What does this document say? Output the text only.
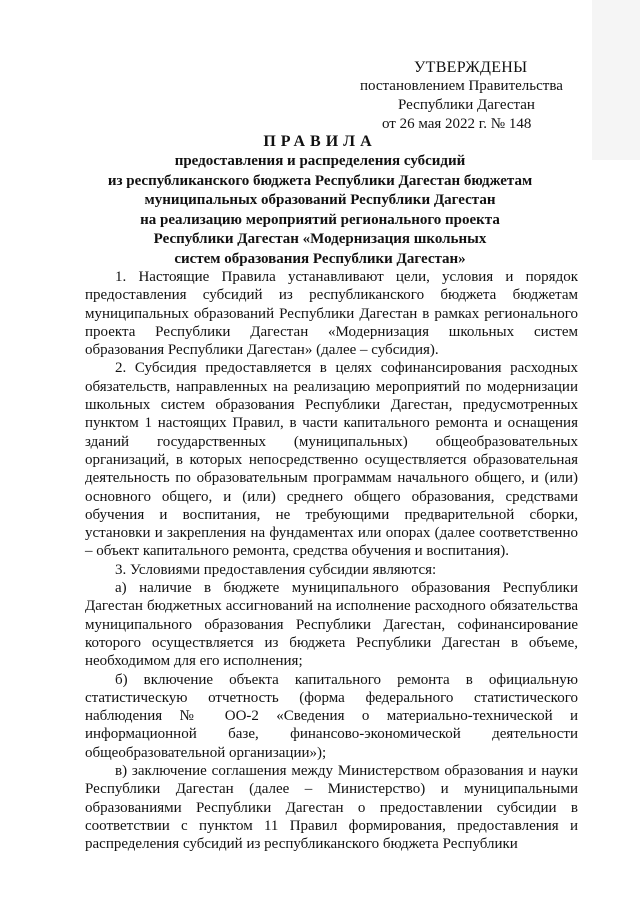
УТВЕРЖДЕНЫ
постановлением Правительства
Республики Дагестан
от 26 мая 2022 г. № 148
ПРАВИЛА
предоставления и распределения субсидий
из республиканского бюджета Республики Дагестан бюджетам
муниципальных образований Республики Дагестан
на реализацию мероприятий регионального проекта
Республики Дагестан «Модернизация школьных
систем образования Республики Дагестан»

1. Настоящие Правила устанавливают цели, условия и порядок предоставления субсидий из республиканского бюджета бюджетам муниципальных образований Республики Дагестан в рамках регионального проекта Республики Дагестан «Модернизация школьных систем образования Республики Дагестан» (далее – субсидия).

2. Субсидия предоставляется в целях софинансирования расходных обязательств, направленных на реализацию мероприятий по модернизации школьных систем образования Республики Дагестан, предусмотренных пунктом 1 настоящих Правил, в части капитального ремонта и оснащения зданий государственных (муниципальных) общеобразовательных организаций, в которых непосредственно осуществляется образовательная деятельность по образовательным программам начального общего, и (или) основного общего, и (или) среднего общего образования, средствами обучения и воспитания, не требующими предварительной сборки, установки и закрепления на фундаментах или опорах (далее соответственно – объект капитального ремонта, средства обучения и воспитания).

3. Условиями предоставления субсидии являются:

а) наличие в бюджете муниципального образования Республики Дагестан бюджетных ассигнований на исполнение расходного обязательства муниципального образования Республики Дагестан, софинансирование которого осуществляется из бюджета Республики Дагестан в объеме, необходимом для его исполнения;

б) включение объекта капитального ремонта в официальную статистическую отчетность (форма федерального статистического наблюдения № ОО-2 «Сведения о материально-технической и информационной базе, финансово-экономической деятельности общеобразовательной организации»);

в) заключение соглашения между Министерством образования и науки Республики Дагестан (далее – Министерство) и муниципальными образованиями Республики Дагестан о предоставлении субсидии в соответствии с пунктом 11 Правил формирования, предоставления и распределения субсидий из республиканского бюджета Республики
